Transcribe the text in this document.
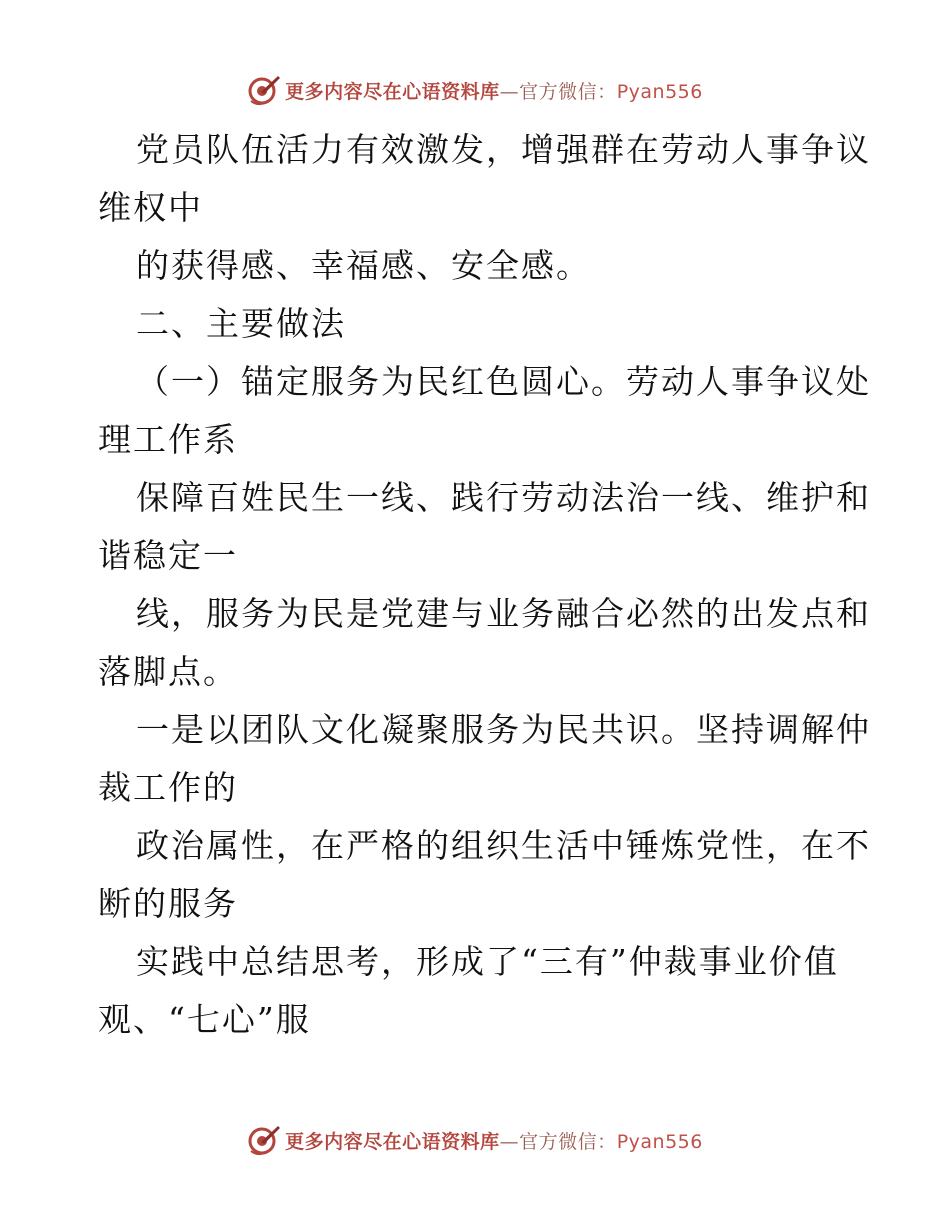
更多内容尽在心语资料库—官方微信：Pyan556
党员队伍活力有效激发，增强群在劳动人事争议
维权中
的获得感、幸福感、安全感。
二、主要做法
（一）锚定服务为民红色圆心。劳动人事争议处
理工作系
保障百姓民生一线、践行劳动法治一线、维护和
谐稳定一
线，服务为民是党建与业务融合必然的出发点和
落脚点。
一是以团队文化凝聚服务为民共识。坚持调解仲
裁工作的
政治属性，在严格的组织生活中锤炼党性，在不
断的服务
实践中总结思考，形成了“三有”仲裁事业价值
观、“七心”服
更多内容尽在心语资料库—官方微信：Pyan556
